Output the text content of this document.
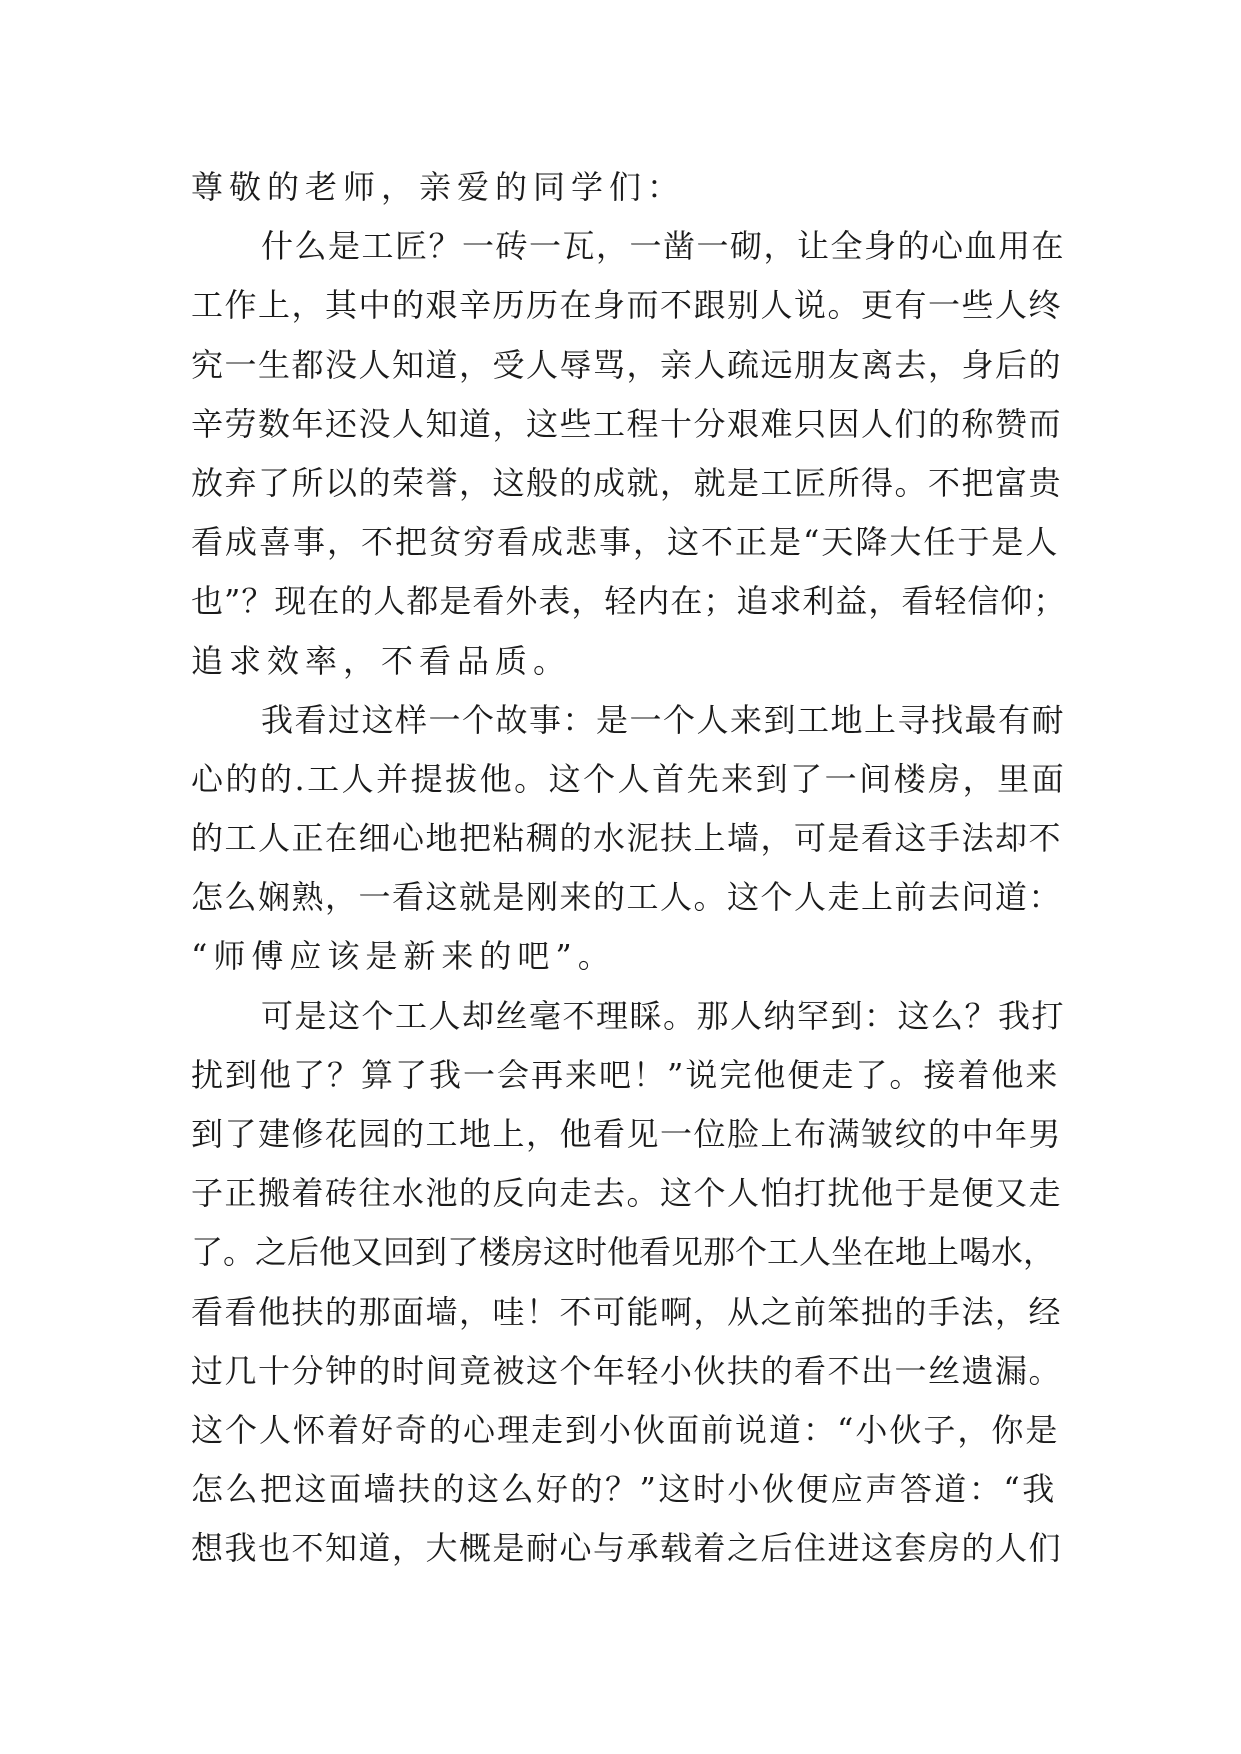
尊敬的老师，亲爱的同学们：
什么是工匠？一砖一瓦，一凿一砌，让全身的心血用在
工作上，其中的艰辛历历在身而不跟别人说。更有一些人终
究一生都没人知道，受人辱骂，亲人疏远朋友离去，身后的
辛劳数年还没人知道，这些工程十分艰难只因人们的称赞而
放弃了所以的荣誉，这般的成就，就是工匠所得。不把富贵
看成喜事，不把贫穷看成悲事，这不正是“天降大任于是人
也”？现在的人都是看外表，轻内在；追求利益，看轻信仰；
追求效率，不看品质。
我看过这样一个故事：是一个人来到工地上寻找最有耐
心的的.工人并提拔他。这个人首先来到了一间楼房，里面
的工人正在细心地把粘稠的水泥扶上墙，可是看这手法却不
怎么娴熟，一看这就是刚来的工人。这个人走上前去问道：
“师傅应该是新来的吧”。
可是这个工人却丝毫不理睬。那人纳罕到：这么？我打
扰到他了？算了我一会再来吧！”说完他便走了。接着他来
到了建修花园的工地上，他看见一位脸上布满皱纹的中年男
子正搬着砖往水池的反向走去。这个人怕打扰他于是便又走
了。之后他又回到了楼房这时他看见那个工人坐在地上喝水，
看看他扶的那面墙，哇！不可能啊，从之前笨拙的手法，经
过几十分钟的时间竟被这个年轻小伙扶的看不出一丝遗漏。
这个人怀着好奇的心理走到小伙面前说道：“小伙子，你是
怎么把这面墙扶的这么好的？”这时小伙便应声答道：“我
想我也不知道，大概是耐心与承载着之后住进这套房的人们
